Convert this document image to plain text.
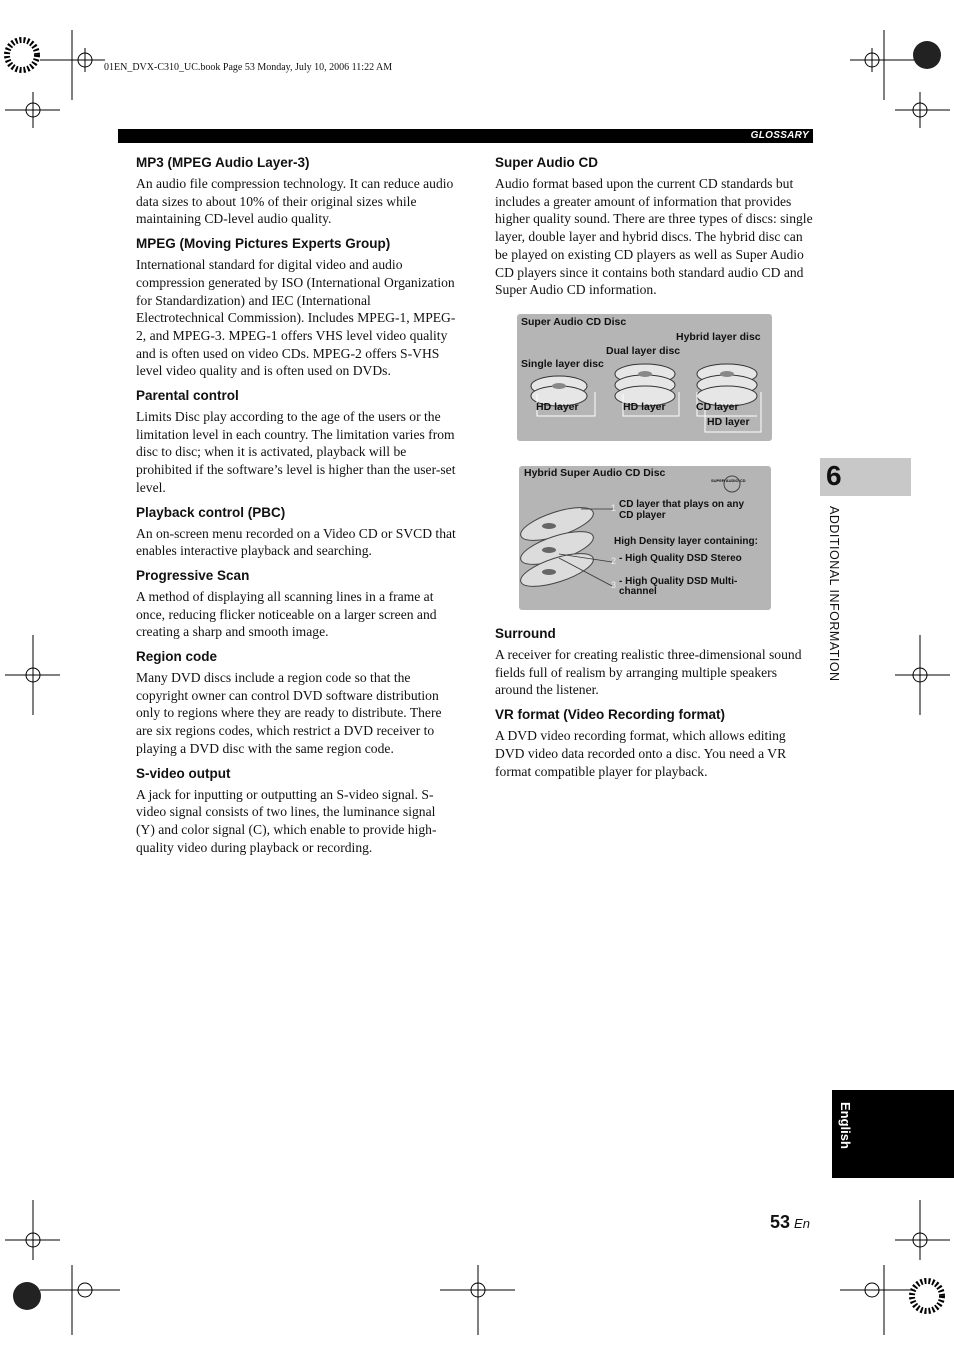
01EN_DVX-C310_UC.book Page 53 Monday, July 10, 2006 11:22 AM
GLOSSARY
MP3 (MPEG Audio Layer-3)
An audio file compression technology. It can reduce audio data sizes to about 10% of their original sizes while maintaining CD-level audio quality.
MPEG (Moving Pictures Experts Group)
International standard for digital video and audio compression generated by ISO (International Organization for Standardization) and IEC (International Electrotechnical Commission). Includes MPEG-1, MPEG-2, and MPEG-3. MPEG-1 offers VHS level video quality and is often used on video CDs. MPEG-2 offers S-VHS level video quality and is often used on DVDs.
Parental control
Limits Disc play according to the age of the users or the limitation level in each country. The limitation varies from disc to disc; when it is activated, playback will be prohibited if the software’s level is higher than the user-set level.
Playback control (PBC)
An on-screen menu recorded on a Video CD or SVCD that enables interactive playback and searching.
Progressive Scan
A method of displaying all scanning lines in a frame at once, reducing flicker noticeable on a larger screen and creating a sharp and smooth image.
Region code
Many DVD discs include a region code so that the copyright owner can control DVD software distribution only to regions where they are ready to distribute. There are six regions codes, which restrict a DVD receiver to playing a DVD disc with the same region code.
S-video output
A jack for inputting or outputting an S-video signal. S-video signal consists of two lines, the luminance signal (Y) and color signal (C), which enable to provide high-quality video during playback or recording.
Super Audio CD
Audio format based upon the current CD standards but includes a greater amount of information that provides higher quality sound. There are three types of discs: single layer, double layer and hybrid discs. The hybrid disc can be played on existing CD players as well as Super Audio CD players since it contains both standard audio CD and Super Audio CD information.
Super Audio CD Disc
Hybrid layer disc
Dual layer disc
Single layer disc
HD layer	HD layer	CD layer
HD layer
Hybrid Super Audio CD Disc
SUPER AUDIO CD
1 CD layer that plays on any
CD player
High Density layer containing:
2 - High Quality DSD Stereo
3 - High Quality DSD Multi-
channel
Surround
A receiver for creating realistic three-dimensional sound fields full of realism by arranging multiple speakers around the listener.
VR format (Video Recording format)
A DVD video recording format, which allows editing DVD video data recorded onto a disc. You need a VR format compatible player for playback.
6
ADDITIONAL INFORMATION
English
53 En
